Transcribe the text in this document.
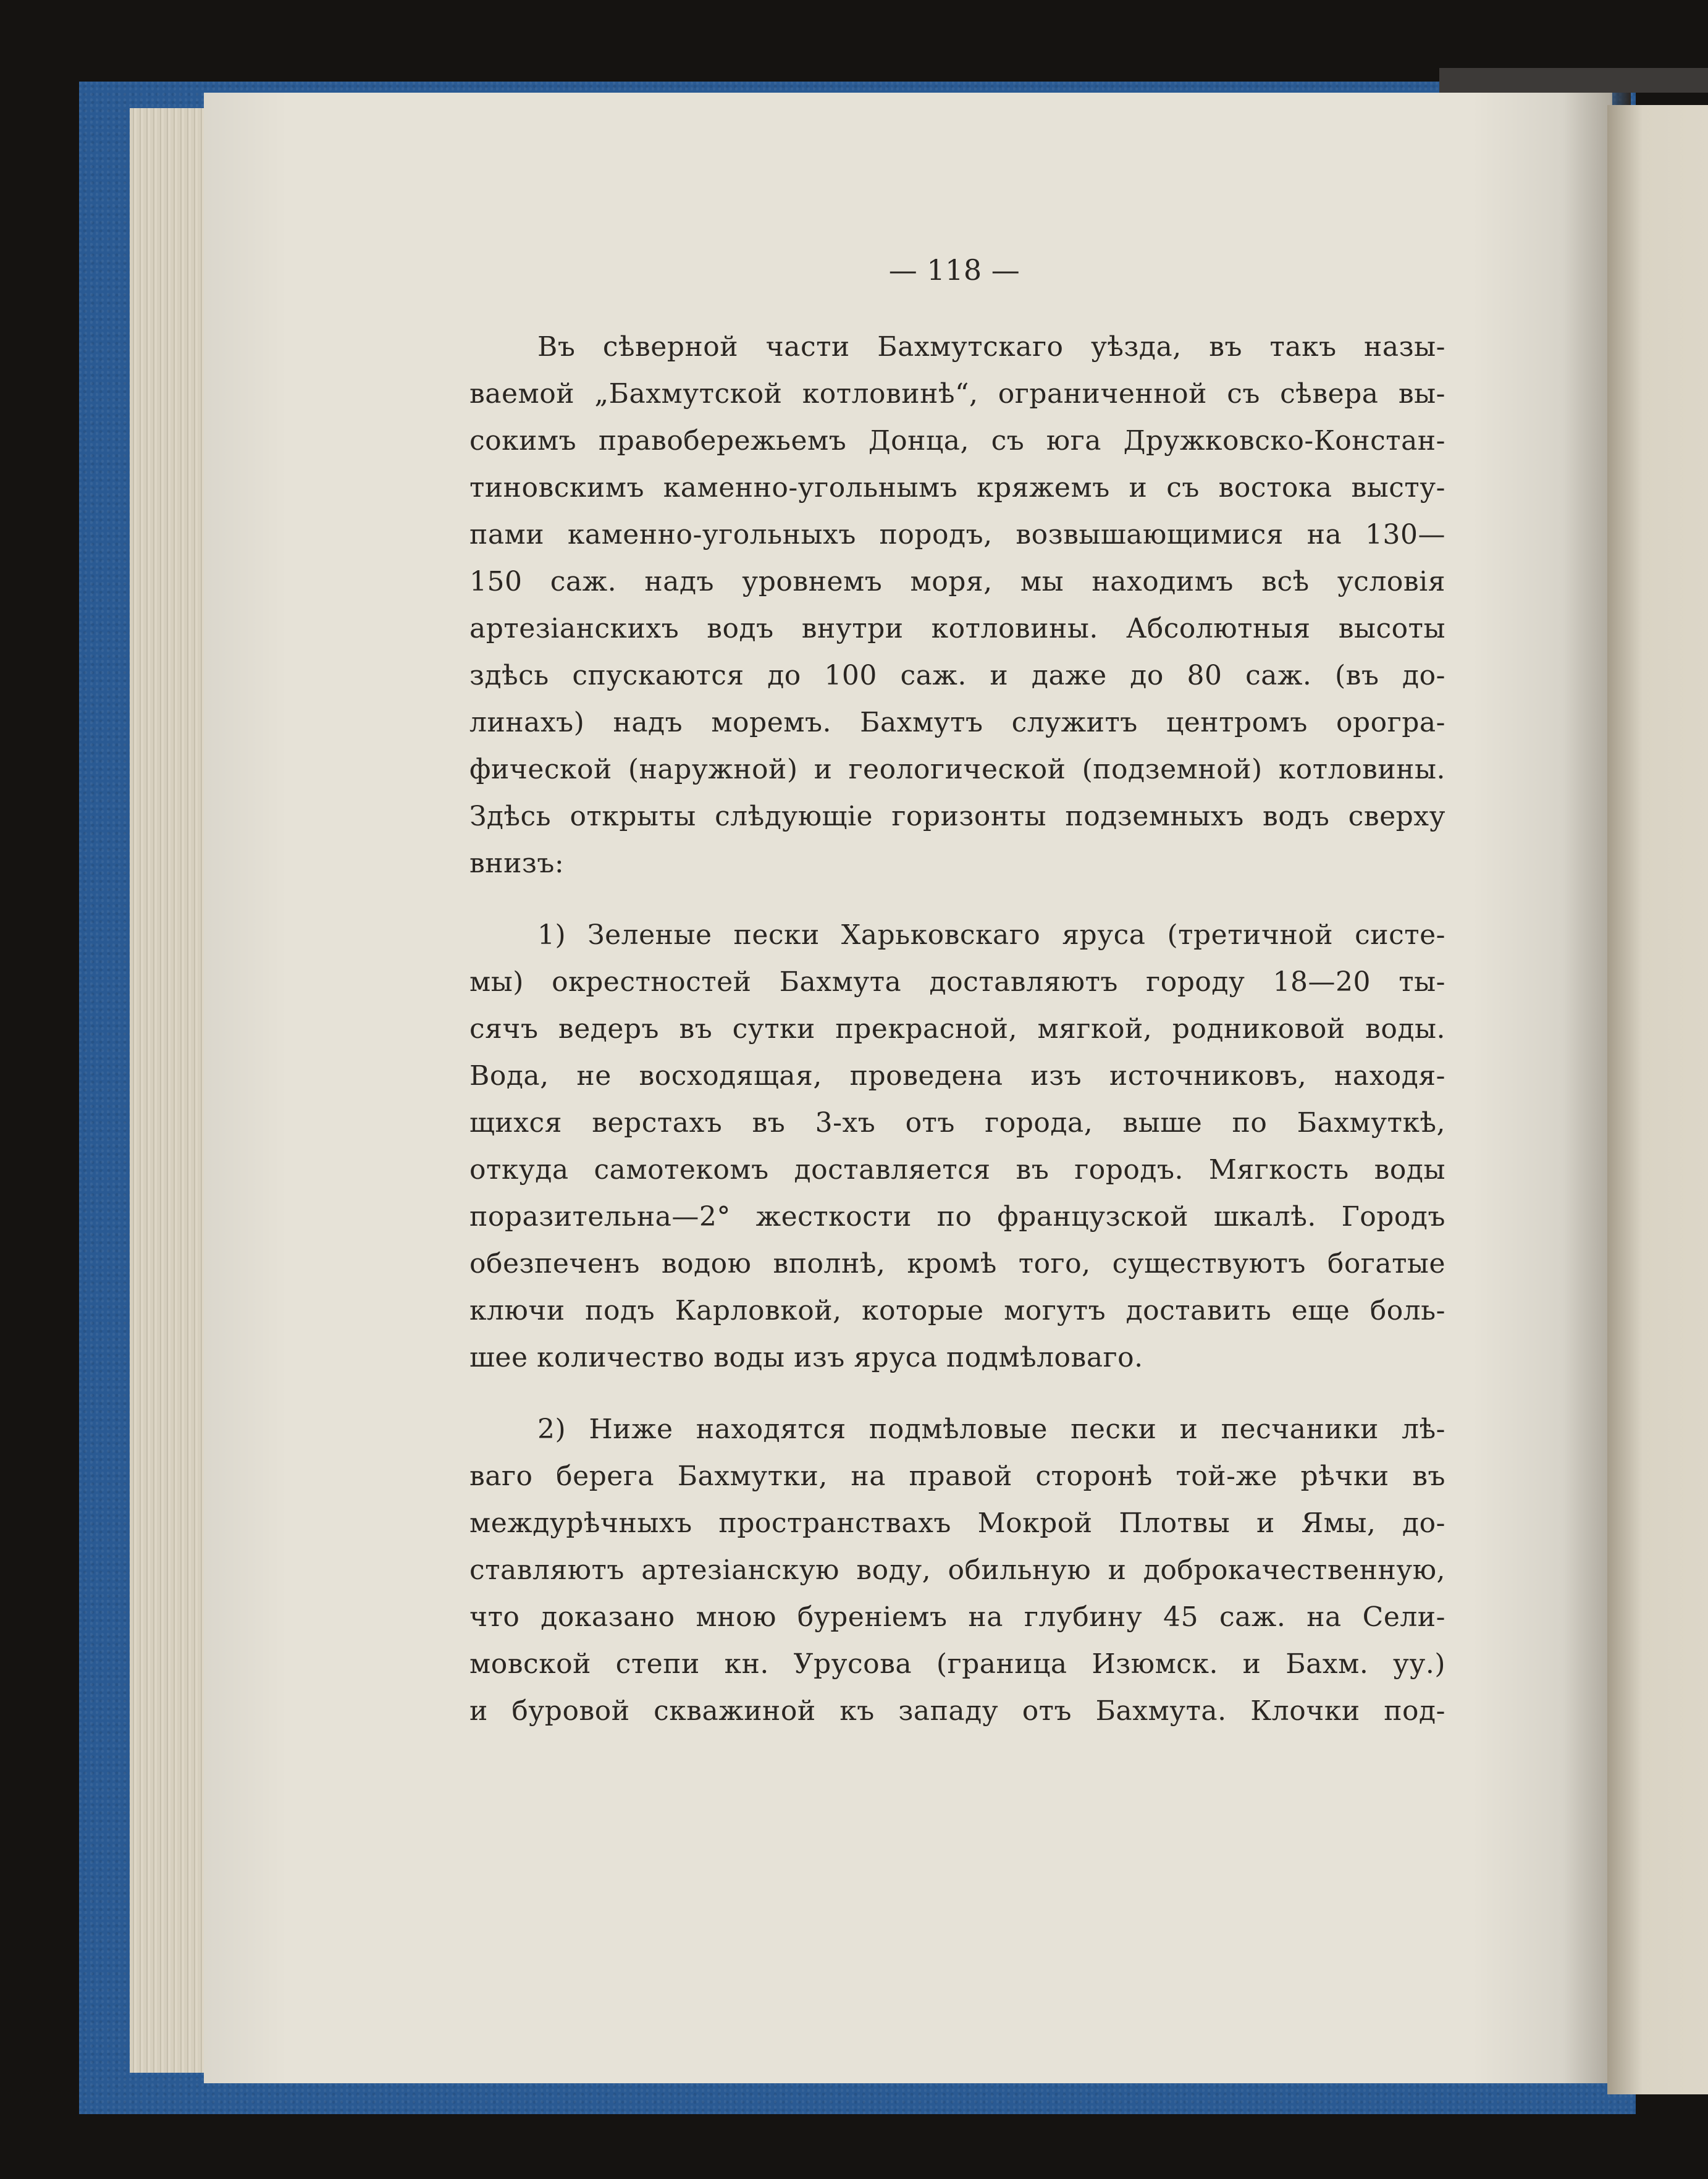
— 118 —
Въ сѣверной части Бахмутскаго уѣзда, въ такъ назы-
ваемой „Бахмутской котловинѣ“, ограниченной съ сѣвера вы-
сокимъ правобережьемъ Донца, съ юга Дружковско-Констан-
тиновскимъ каменно-угольнымъ кряжемъ и съ востока высту-
пами каменно-угольныхъ породъ, возвышающимися на 130—
150 саж. надъ уровнемъ моря, мы находимъ всѣ условія
артезіанскихъ водъ внутри котловины. Абсолютныя высоты
здѣсь спускаются до 100 саж. и даже до 80 саж. (въ до-
линахъ) надъ моремъ. Бахмутъ служитъ центромъ орогра-
фической (наружной) и геологической (подземной) котловины.
Здѣсь открыты слѣдующіе горизонты подземныхъ водъ сверху
внизъ:
1) Зеленые пески Харьковскаго яруса (третичной систе-
мы) окрестностей Бахмута доставляютъ городу 18—20 ты-
сячъ ведеръ въ сутки прекрасной, мягкой, родниковой воды.
Вода, не восходящая, проведена изъ источниковъ, находя-
щихся верстахъ въ 3-хъ отъ города, выше по Бахмуткѣ,
откуда самотекомъ доставляется въ городъ. Мягкость воды
поразительна—2° жесткости по французской шкалѣ. Городъ
обезпеченъ водою вполнѣ, кромѣ того, существуютъ богатые
ключи подъ Карловкой, которые могутъ доставить еще боль-
шее количество воды изъ яруса подмѣловаго.
2) Ниже находятся подмѣловые пески и песчаники лѣ-
ваго берега Бахмутки, на правой сторонѣ той-же рѣчки въ
междурѣчныхъ пространствахъ Мокрой Плотвы и Ямы, до-
ставляютъ артезіанскую воду, обильную и доброкачественную,
что доказано мною буреніемъ на глубину 45 саж. на Сели-
мовской степи кн. Урусова (граница Изюмск. и Бахм. уу.)
и буровой скважиной къ западу отъ Бахмута. Клочки под-
